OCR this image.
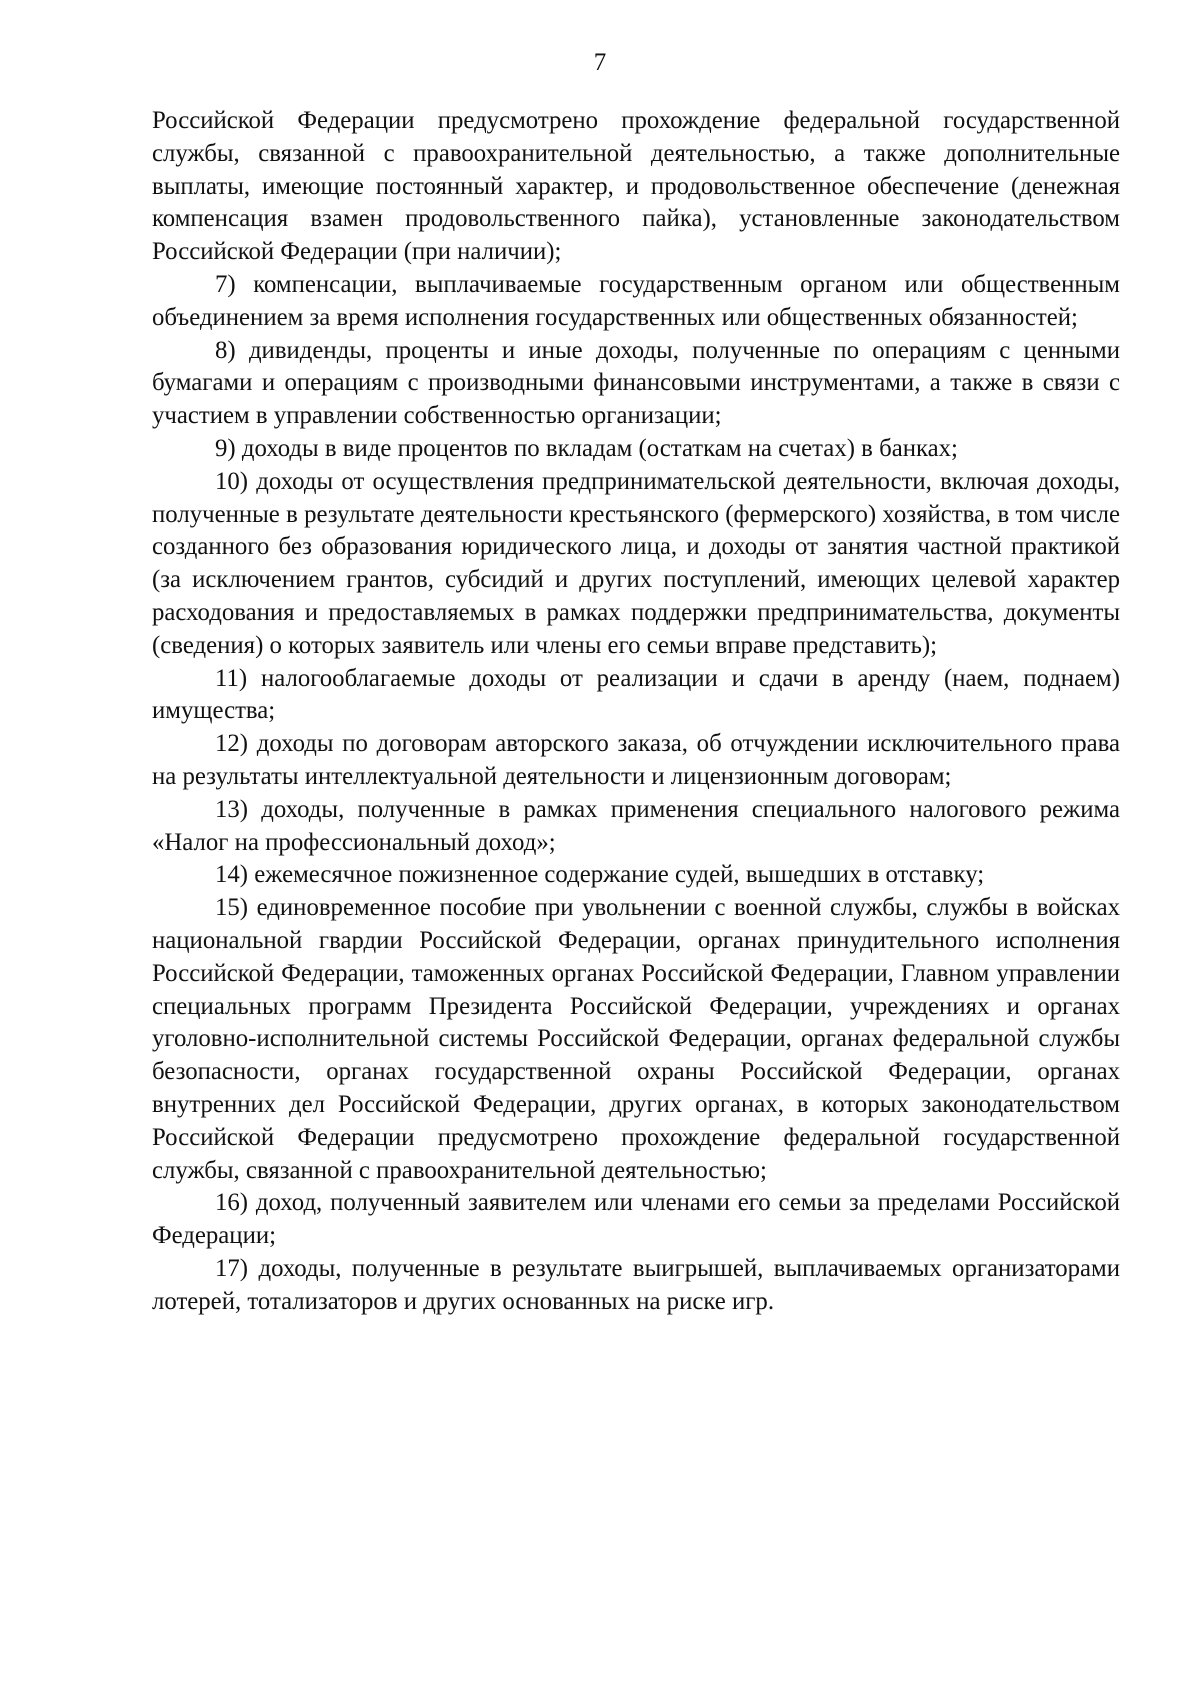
7

Российской Федерации предусмотрено прохождение федеральной государственной службы, связанной с правоохранительной деятельностью, а также дополнительные выплаты, имеющие постоянный характер, и продовольственное обеспечение (денежная компенсация взамен продовольственного пайка), установленные законодательством Российской Федерации (при наличии);

7) компенсации, выплачиваемые государственным органом или общественным объединением за время исполнения государственных или общественных обязанностей;

8) дивиденды, проценты и иные доходы, полученные по операциям с ценными бумагами и операциям с производными финансовыми инструментами, а также в связи с участием в управлении собственностью организации;

9) доходы в виде процентов по вкладам (остаткам на счетах) в банках;

10) доходы от осуществления предпринимательской деятельности, включая доходы, полученные в результате деятельности крестьянского (фермерского) хозяйства, в том числе созданного без образования юридического лица, и доходы от занятия частной практикой (за исключением грантов, субсидий и других поступлений, имеющих целевой характер расходования и предоставляемых в рамках поддержки предпринимательства, документы (сведения) о которых заявитель или члены его семьи вправе представить);

11) налогооблагаемые доходы от реализации и сдачи в аренду (наем, поднаем) имущества;

12) доходы по договорам авторского заказа, об отчуждении исключительного права на результаты интеллектуальной деятельности и лицензионным договорам;

13) доходы, полученные в рамках применения специального налогового режима «Налог на профессиональный доход»;

14) ежемесячное пожизненное содержание судей, вышедших в отставку;

15) единовременное пособие при увольнении с военной службы, службы в войсках национальной гвардии Российской Федерации, органах принудительного исполнения Российской Федерации, таможенных органах Российской Федерации, Главном управлении специальных программ Президента Российской Федерации, учреждениях и органах уголовно-исполнительной системы Российской Федерации, органах федеральной службы безопасности, органах государственной охраны Российской Федерации, органах внутренних дел Российской Федерации, других органах, в которых законодательством Российской Федерации предусмотрено прохождение федеральной государственной службы, связанной с правоохранительной деятельностью;

16) доход, полученный заявителем или членами его семьи за пределами Российской Федерации;

17) доходы, полученные в результате выигрышей, выплачиваемых организаторами лотерей, тотализаторов и других основанных на риске игр.
